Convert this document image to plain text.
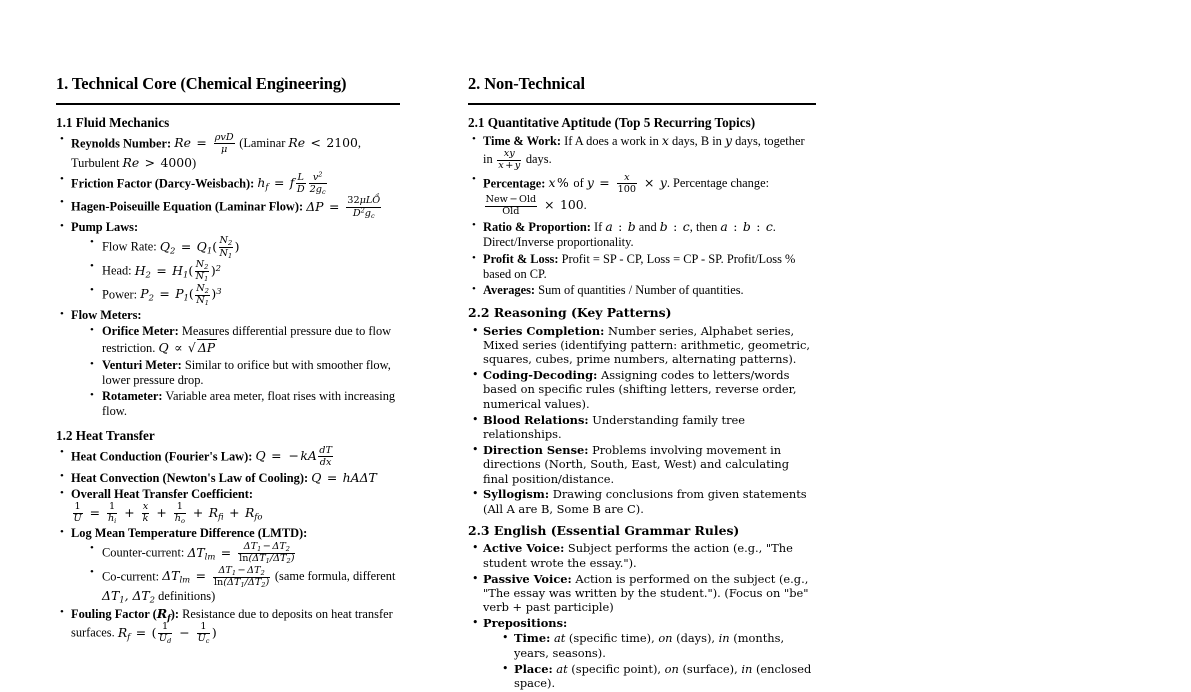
1. Technical Core (Chemical Engineering)
1.1 Fluid Mechanics
• Reynolds Number: $Re = \frac{\text{ρvD}}{\mu}$ (Laminar Re < 2100, Turbulent Re > 4000)
• Friction Factor (Darcy-Weisbach): $h_f = f \frac{L}{D} \frac{v^2}{2g_c}$
• Hagen-Poiseuille Equation (Laminar Flow): $\Delta P = \frac{\text{32μLṌ}}{D^2g_c}$
• Pump Laws:
• Flow Rate: $Q_2 = Q_1( \frac{N_2}{N_1}$ )
• Head: $H_2 = H_1( \frac{N_2}{N_1} )^2$
• Power: $P_2 = P_1( \frac{N_2}{N_1} )^3$
• Flow Meters:
• Orifice Meter: Measures differential pressure due to flow restriction. Q ∝ √ ΔP
• Venturi Meter: Similar to orifice but with smoother flow, lower pressure drop.
• Rotameter: Variable area meter, float rises with increasing flow.
1.2 Heat Transfer
• Heat Conduction (Fourier's Law): Q = − kA $\frac{dT}{dx}$
• Heat Convection (Newton's Law of Cooling): Q = hAΔT
• Overall Heat Transfer Coefficient:
$\frac{1}{U} = \frac{1}{h_i} + \frac{x}{k} + \frac{1}{h_o} + R_{fi} + R_{fo}$
• Log Mean Temperature Difference (LMTD):
• Counter-current: $\Delta T_{lm} = \frac{\Delta T_1 - \Delta T_2}{\ln(\Delta T_1/\Delta T_2)}$
• Co-current: $\Delta T_{lm} = \frac{\Delta T_1 - \Delta T_2}{\ln(\Delta T_1/\Delta T_2)}$ (same formula, different $\Delta T_1$, $\Delta T_2$ definitions)
• Fouling Factor $(R_f)$: Resistance due to deposits on heat transfer surfaces. $R_f$ = ( $\frac{1}{U_d} - \frac{1}{U_c}$ )
2. Non-Technical
2.1 Quantitative Aptitude (Top 5 Recurring Topics)
• Time & Work: If A does a work in x days, B in y days, together in $\frac{xy}{x + y}$ days.
• Percentage: x % of $y = \frac{x}{100} \times y$. Percentage change:
$\frac{\text{New − Old}}{\text{Old}} \times 100$.
• Ratio & Proportion: If a : b and b : c, then a : b : c. Direct/Inverse proportionality.
• Profit & Loss: Profit = SP - CP, Loss = CP - SP. Profit/Loss % based on CP.
• Averages: Sum of quantities / Number of quantities.
2.2 Reasoning (Key Patterns)
• Series Completion: Number series, Alphabet series, Mixed series (identifying pattern: arithmetic, geometric, squares, cubes, prime numbers, alternating patterns).
• Coding-Decoding: Assigning codes to letters/words based on specific rules (shifting letters, reverse order, numerical values).
• Blood Relations: Understanding family tree relationships.
• Direction Sense: Problems involving movement in directions (North, South, East, West) and calculating final position/distance.
• Syllogism: Drawing conclusions from given statements (All A are B, Some B are C).
2.3 English (Essential Grammar Rules)
• Active Voice: Subject performs the action (e.g., "The student wrote the essay.").
• Passive Voice: Action is performed on the subject (e.g., "The essay was written by the student."). (Focus on "be" verb + past participle)
• Prepositions:
• Time: at (specific time), on (days), in (months, years, seasons).
• Place: at (specific point), on (surface), in (enclosed space).
